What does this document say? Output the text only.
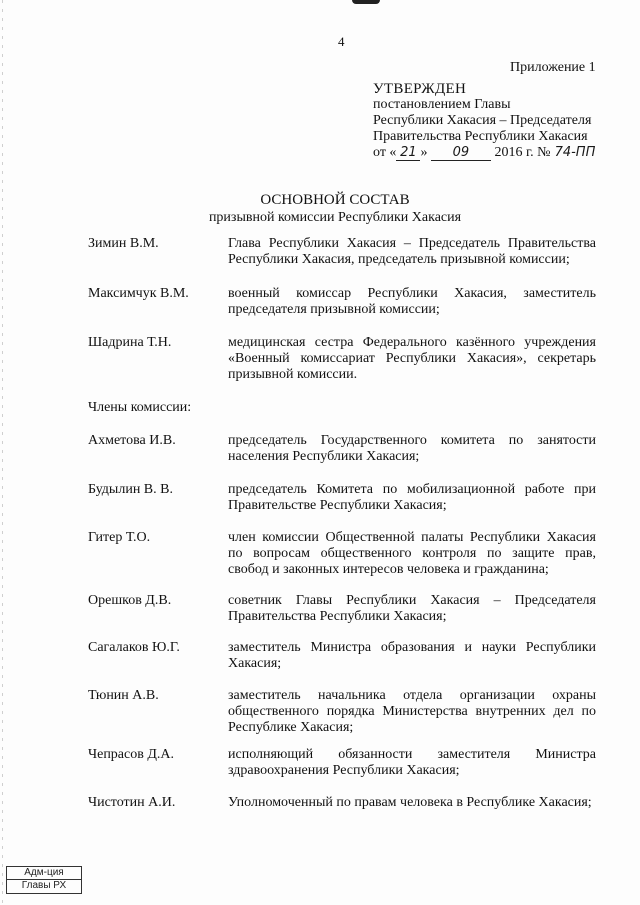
4
Приложение 1
УТВЕРЖДЕН
постановлением Главы
Республики Хакасия – Председателя
Правительства Республики Хакасия
от « 21 » 09 2016 г. № 74-ПП
ОСНОВНОЙ СОСТАВ
призывной комиссии Республики Хакасия
Зимин В.М.	Глава Республики Хакасия – Председатель Правительства Республики Хакасия, председатель призывной комиссии;
Максимчук В.М.	военный комиссар Республики Хакасия, заместитель председателя призывной комиссии;
Шадрина Т.Н.	медицинская сестра Федерального казённого учреждения «Военный комиссариат Республики Хакасия», секретарь призывной комиссии.
Члены комиссии:
Ахметова И.В.	председатель Государственного комитета по занятости населения Республики Хакасия;
Будылин В. В.	председатель Комитета по мобилизационной работе при Правительстве Республики Хакасия;
Гитер Т.О.	член комиссии Общественной палаты Республики Хакасия по вопросам общественного контроля по защите прав, свобод и законных интересов человека и гражданина;
Орешков Д.В.	советник Главы Республики Хакасия – Председателя Правительства Республики Хакасия;
Сагалаков Ю.Г.	заместитель Министра образования и науки Республики Хакасия;
Тюнин А.В.	заместитель начальника отдела организации охраны общественного порядка Министерства внутренних дел по Республике Хакасия;
Чепрасов Д.А.	исполняющий обязанности заместителя Министра здравоохранения Республики Хакасия;
Чистотин А.И.	Уполномоченный по правам человека в Республике Хакасия;
Адм-ция
Главы РХ
